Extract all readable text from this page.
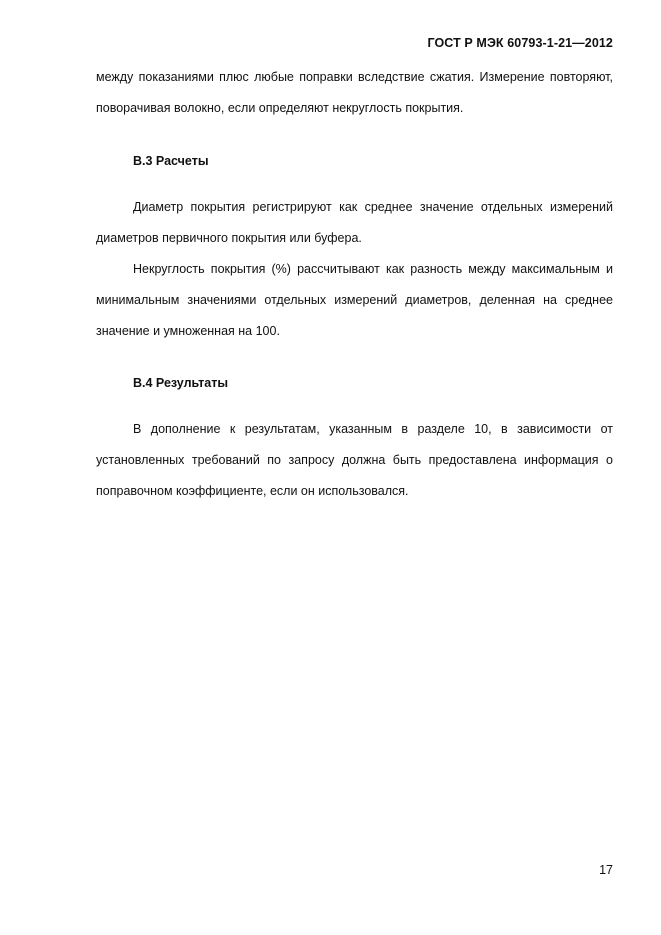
ГОСТ Р МЭК 60793-1-21—2012

между показаниями плюс любые поправки вследствие сжатия. Измерение повторяют, поворачивая волокно, если определяют некруглость покрытия.

В.3 Расчеты

Диаметр покрытия регистрируют как среднее значение отдельных измерений диаметров первичного покрытия или буфера.

Некруглость покрытия (%) рассчитывают как разность между максимальным и минимальным значениями отдельных измерений диаметров, деленная на среднее значение и умноженная на 100.

В.4 Результаты

В дополнение к результатам, указанным в разделе 10, в зависимости от установленных требований по запросу должна быть предоставлена информация о поправочном коэффициенте, если он использовался.

17
